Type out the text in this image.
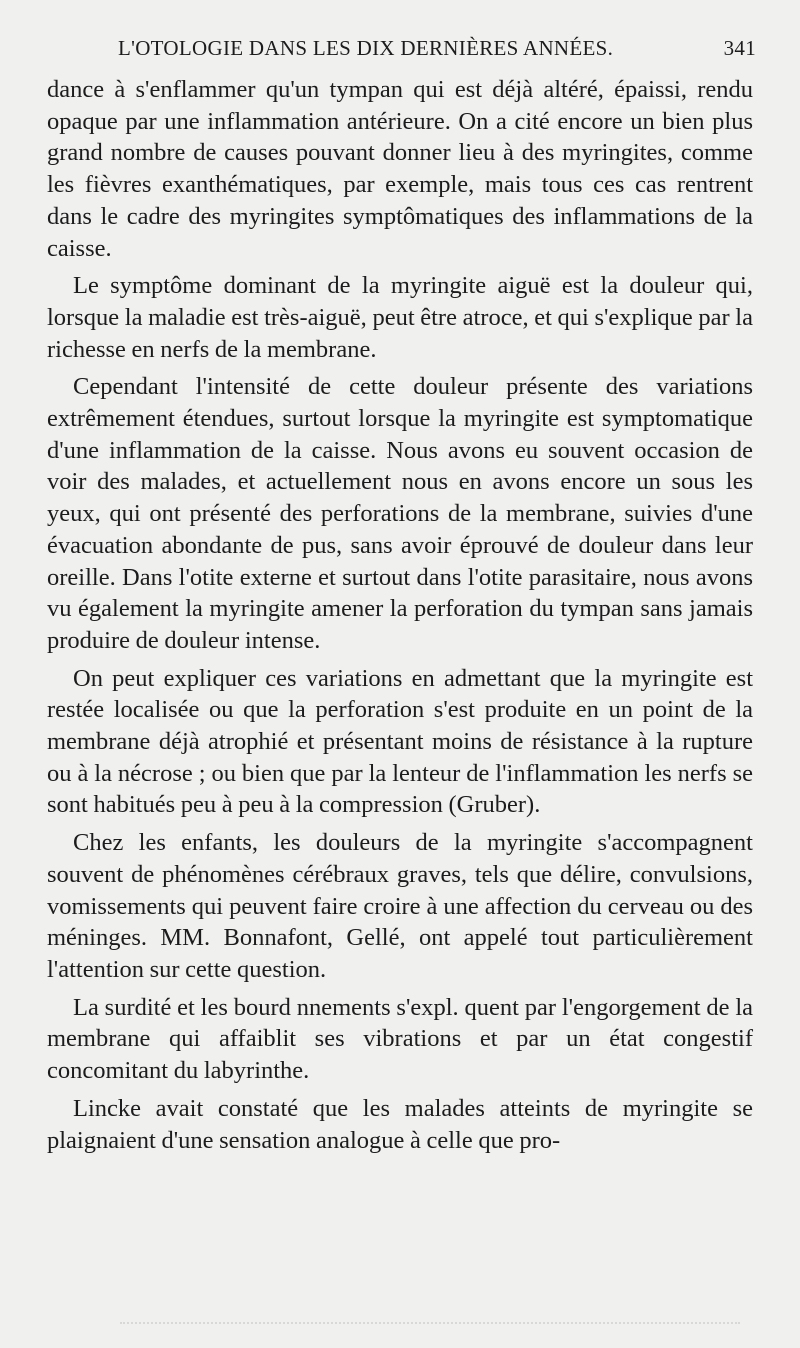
L'OTOLOGIE DANS LES DIX DERNIÈRES ANNÉES.	341

dance à s'enflammer qu'un tympan qui est déjà altéré, épaissi, rendu opaque par une inflammation antérieure. On a cité encore un bien plus grand nombre de causes pouvant donner lieu à des myringites, comme les fièvres exanthématiques, par exemple, mais tous ces cas rentrent dans le cadre des myringites symptômatiques des inflammations de la caisse.

Le symptôme dominant de la myringite aiguë est la douleur qui, lorsque la maladie est très-aiguë, peut être atroce, et qui s'explique par la richesse en nerfs de la membrane.

Cependant l'intensité de cette douleur présente des variations extrêmement étendues, surtout lorsque la myringite est symptomatique d'une inflammation de la caisse. Nous avons eu souvent occasion de voir des malades, et actuellement nous en avons encore un sous les yeux, qui ont présenté des perforations de la membrane, suivies d'une évacuation abondante de pus, sans avoir éprouvé de douleur dans leur oreille. Dans l'otite externe et surtout dans l'otite parasitaire, nous avons vu également la myringite amener la perforation du tympan sans jamais produire de douleur intense.

On peut expliquer ces variations en admettant que la myringite est restée localisée ou que la perforation s'est produite en un point de la membrane déjà atrophié et présentant moins de résistance à la rupture ou à la nécrose ; ou bien que par la lenteur de l'inflammation les nerfs se sont habitués peu à peu à la compression (Gruber).

Chez les enfants, les douleurs de la myringite s'accompagnent souvent de phénomènes cérébraux graves, tels que délire, convulsions, vomissements qui peuvent faire croire à une affection du cerveau ou des méninges. MM. Bonnafont, Gellé, ont appelé tout particulièrement l'attention sur cette question.

La surdité et les bourd nnements s'expl. quent par l'engorgement de la membrane qui affaiblit ses vibrations et par un état congestif concomitant du labyrinthe.

Lincke avait constaté que les malades atteints de myringite se plaignaient d'une sensation analogue à celle que pro-
